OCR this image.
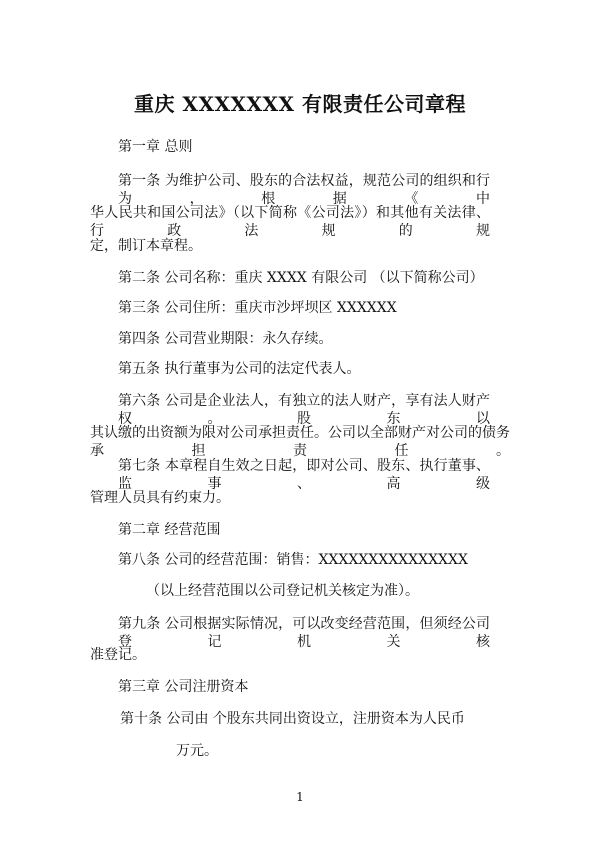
重庆 XXXXXXX 有限责任公司章程
第一章 总则
第一条 为维护公司、股东的合法权益，规范公司的组织和行为，根据《中
华人民共和国公司法》（以下简称《公司法》）和其他有关法律、行政法规的规
定，制订本章程。
第二条 公司名称：重庆 XXXX 有限公司 （以下简称公司）
第三条 公司住所：重庆市沙坪坝区 XXXXXX
第四条 公司营业期限：永久存续。
第五条 执行董事为公司的法定代表人。
第六条 公司是企业法人，有独立的法人财产，享有法人财产权。股东以
其认缴的出资额为限对公司承担责任。公司以全部财产对公司的债务承担责任。
第七条 本章程自生效之日起，即对公司、股东、执行董事、监事、高级
管理人员具有约束力。
第二章 经营范围
第八条 公司的经营范围：销售：XXXXXXXXXXXXXXX
（以上经营范围以公司登记机关核定为准）。
第九条 公司根据实际情况，可以改变经营范围，但须经公司登记机关核
准登记。
第三章 公司注册资本
第十条 公司由 个股东共同出资设立，注册资本为人民币
万元。
1
